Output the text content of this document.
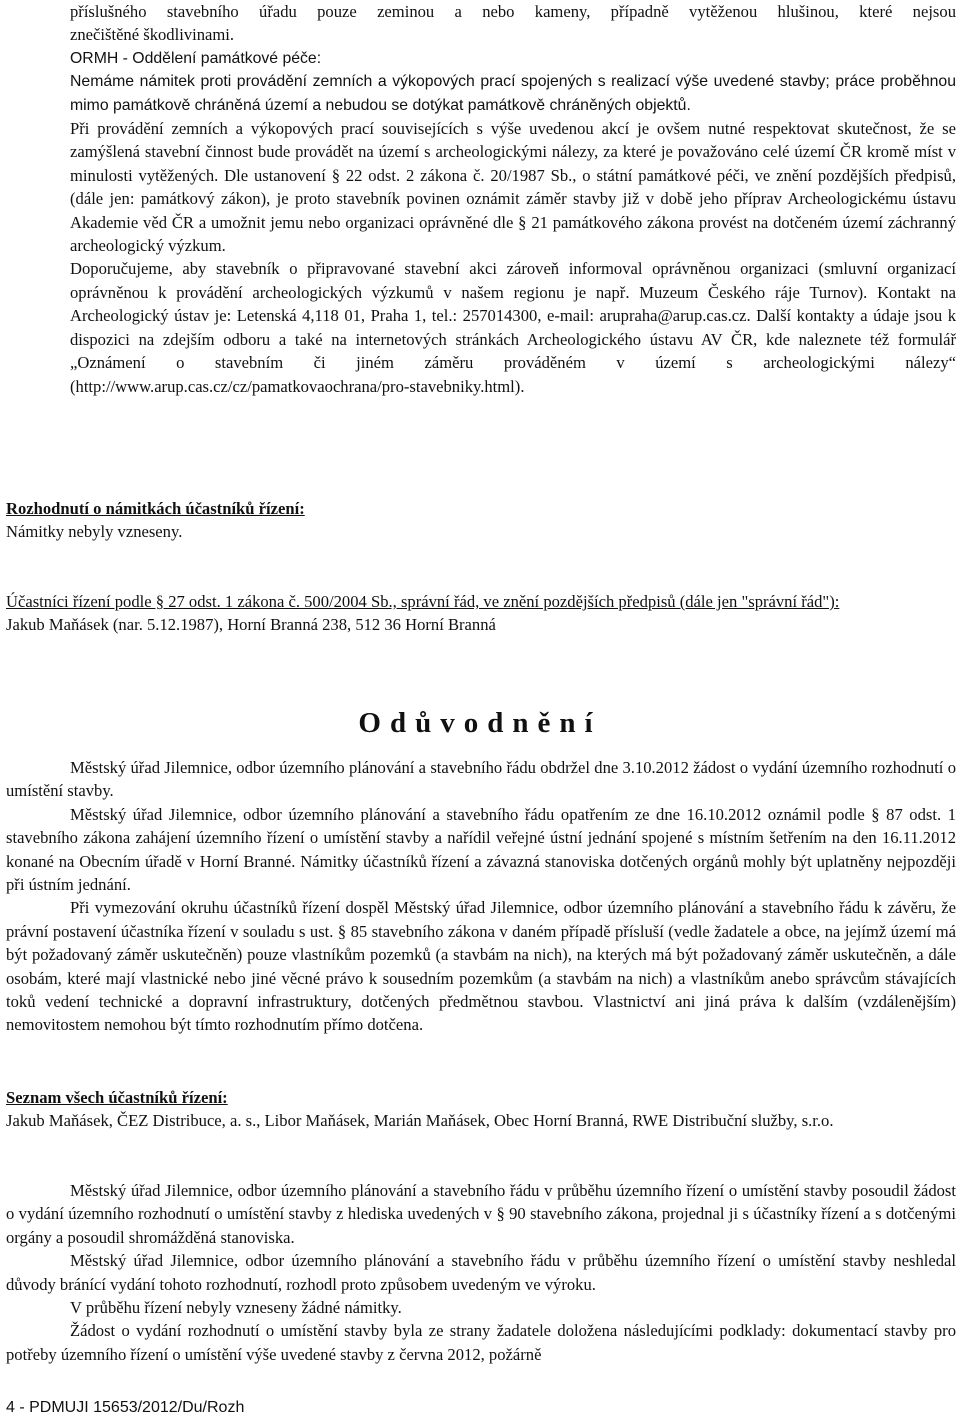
příslušného stavebního úřadu pouze zeminou a nebo kameny, případně vytěženou hlušinou, které nejsou

znečištěné škodlivinami.

ORMH - Oddělení památkové péče:

Nemáme námitek proti provádění zemních a výkopových prací spojených s realizací výše uvedené stavby; práce proběhnou mimo památkově chráněná území a nebudou se dotýkat památkově chráněných objektů.

Při provádění zemních a výkopových prací souvisejících s výše uvedenou akcí je ovšem nutné respektovat skutečnost, že se zamýšlená stavební činnost bude provádět na území s archeologickými nálezy, za které je považováno celé území ČR kromě míst v minulosti vytěžených. Dle ustanovení § 22 odst. 2 zákona č. 20/1987 Sb., o státní památkové péči, ve znění pozdějších předpisů, (dále jen: památkový zákon), je proto stavebník povinen oznámit záměr stavby již v době jeho příprav Archeologickému ústavu Akademie věd ČR a umožnit jemu nebo organizaci oprávněné dle § 21 památkového zákona provést na dotčeném území záchranný archeologický výzkum.

Doporučujeme, aby stavebník o připravované stavební akci zároveň informoval oprávněnou organizaci (smluvní organizací oprávněnou k provádění archeologických výzkumů v našem regionu je např. Muzeum Českého ráje Turnov). Kontakt na Archeologický ústav je: Letenská 4,118 01, Praha 1, tel.: 257014300, e-mail: arupraha@arup.cas.cz. Další kontakty a údaje jsou k dispozici na zdejším odboru a také na internetových stránkách Archeologického ústavu AV ČR, kde naleznete též formulář „Oznámení o stavebním či jiném záměru prováděném v území s archeologickými nálezy“ (http://www.arup.cas.cz/cz/pamatkovaochrana/pro-stavebniky.html).

Rozhodnutí o námitkách účastníků řízení:

Námitky nebyly vzneseny.

Účastníci řízení podle § 27 odst. 1 zákona č. 500/2004 Sb., správní řád, ve znění pozdějších předpisů (dále jen "správní řád"):

Jakub Maňásek (nar. 5.12.1987), Horní Branná 238, 512 36 Horní Branná

Odůvodnění

Městský úřad Jilemnice, odbor územního plánování a stavebního řádu obdržel dne 3.10.2012 žádost o vydání územního rozhodnutí o umístění stavby.

Městský úřad Jilemnice, odbor územního plánování a stavebního řádu opatřením ze dne 16.10.2012 oznámil podle § 87 odst. 1 stavebního zákona zahájení územního řízení o umístění stavby a nařídil veřejné ústní jednání spojené s místním šetřením na den 16.11.2012 konané na Obecním úřadě v Horní Branné. Námitky účastníků řízení a závazná stanoviska dotčených orgánů mohly být uplatněny nejpozději při ústním jednání.

Při vymezování okruhu účastníků řízení dospěl Městský úřad Jilemnice, odbor územního plánování a stavebního řádu k závěru, že právní postavení účastníka řízení v souladu s ust. § 85 stavebního zákona v daném případě přísluší (vedle žadatele a obce, na jejímž území má být požadovaný záměr uskutečněn) pouze vlastníkům pozemků (a stavbám na nich), na kterých má být požadovaný záměr uskutečněn, a dále osobám, které mají vlastnické nebo jiné věcné právo k sousedním pozemkům (a stavbám na nich) a vlastníkům anebo správcům stávajících toků vedení technické a dopravní infrastruktury, dotčených předmětnou stavbou. Vlastnictví ani jiná práva k dalším (vzdálenějším) nemovitostem nemohou být tímto rozhodnutím přímo dotčena.

Seznam všech účastníků řízení:

Jakub Maňásek, ČEZ Distribuce, a. s., Libor Maňásek, Marián Maňásek, Obec Horní Branná, RWE Distribuční služby, s.r.o.

Městský úřad Jilemnice, odbor územního plánování a stavebního řádu v průběhu územního řízení o umístění stavby posoudil žádost o vydání územního rozhodnutí o umístění stavby z hlediska uvedených v § 90 stavebního zákona, projednal ji s účastníky řízení a s dotčenými orgány a posoudil shromážděná stanoviska.

Městský úřad Jilemnice, odbor územního plánování a stavebního řádu v průběhu územního řízení o umístění stavby neshledal důvody bránící vydání tohoto rozhodnutí, rozhodl proto způsobem uvedeným ve výroku.

V průběhu řízení nebyly vzneseny žádné námitky.

Žádost o vydání rozhodnutí o umístění stavby byla ze strany žadatele doložena následujícími podklady: dokumentací stavby pro potřeby územního řízení o umístění výše uvedené stavby z června 2012, požárně

4 - PDMUJI 15653/2012/Du/Rozh
